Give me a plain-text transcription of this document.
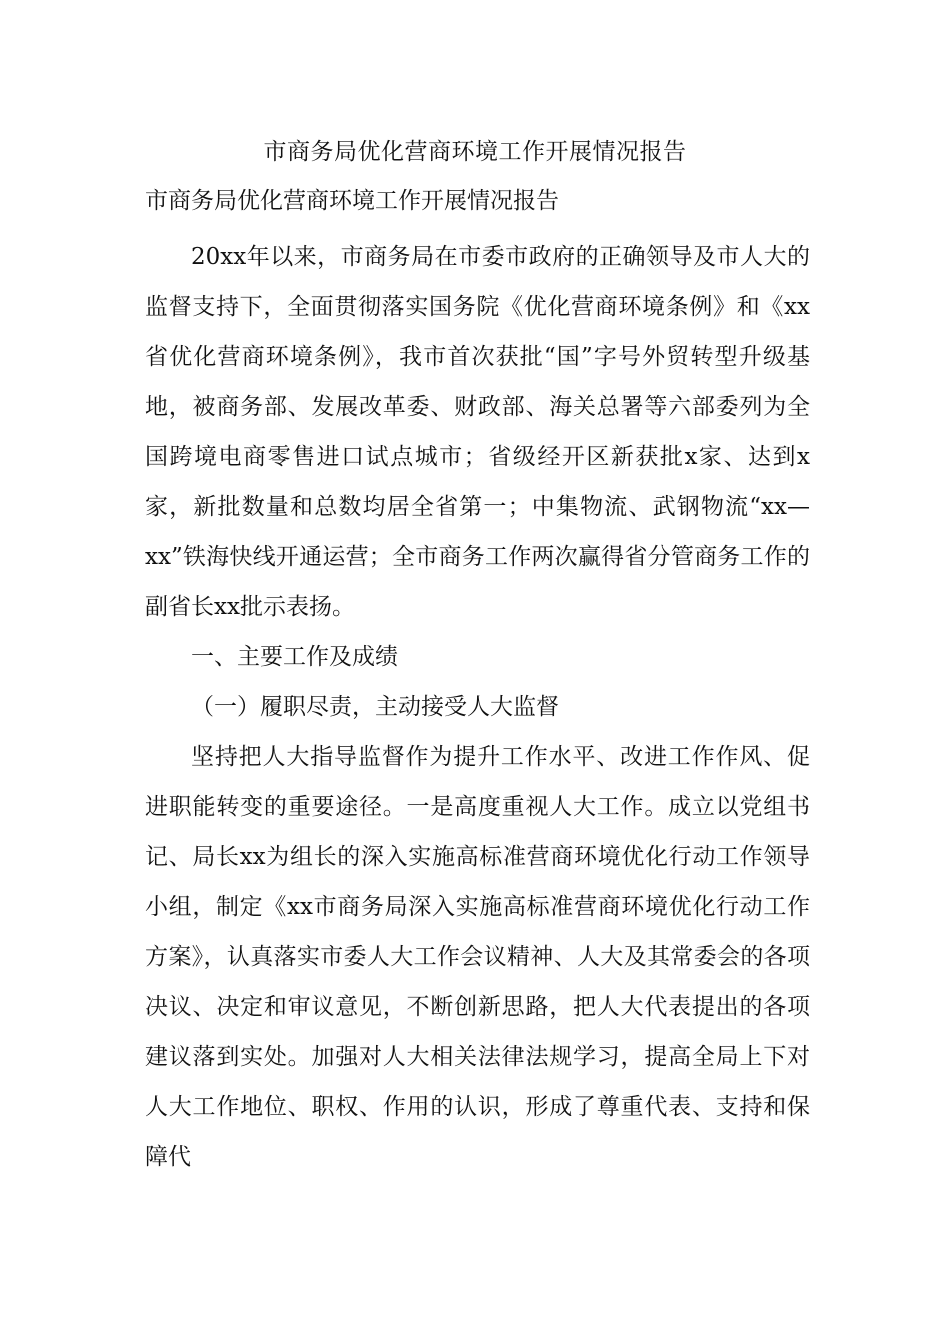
市商务局优化营商环境工作开展情况报告
市商务局优化营商环境工作开展情况报告

20xx年以来，市商务局在市委市政府的正确领导及市人大的监督支持下，全面贯彻落实国务院《优化营商环境条例》和《xx省优化营商环境条例》，我市首次获批“国”字号外贸转型升级基地，被商务部、发展改革委、财政部、海关总署等六部委列为全国跨境电商零售进口试点城市；省级经开区新获批x家、达到x家，新批数量和总数均居全省第一；中集物流、武钢物流“xx—xx”铁海快线开通运营；全市商务工作两次赢得省分管商务工作的副省长xx批示表扬。

一、主要工作及成绩
（一）履职尽责，主动接受人大监督

坚持把人大指导监督作为提升工作水平、改进工作作风、促进职能转变的重要途径。一是高度重视人大工作。成立以党组书记、局长xx为组长的深入实施高标准营商环境优化行动工作领导小组，制定《xx市商务局深入实施高标准营商环境优化行动工作方案》，认真落实市委人大工作会议精神、人大及其常委会的各项决议、决定和审议意见，不断创新思路，把人大代表提出的各项建议落到实处。加强对人大相关法律法规学习，提高全局上下对人大工作地位、职权、作用的认识，形成了尊重代表、支持和保障代
